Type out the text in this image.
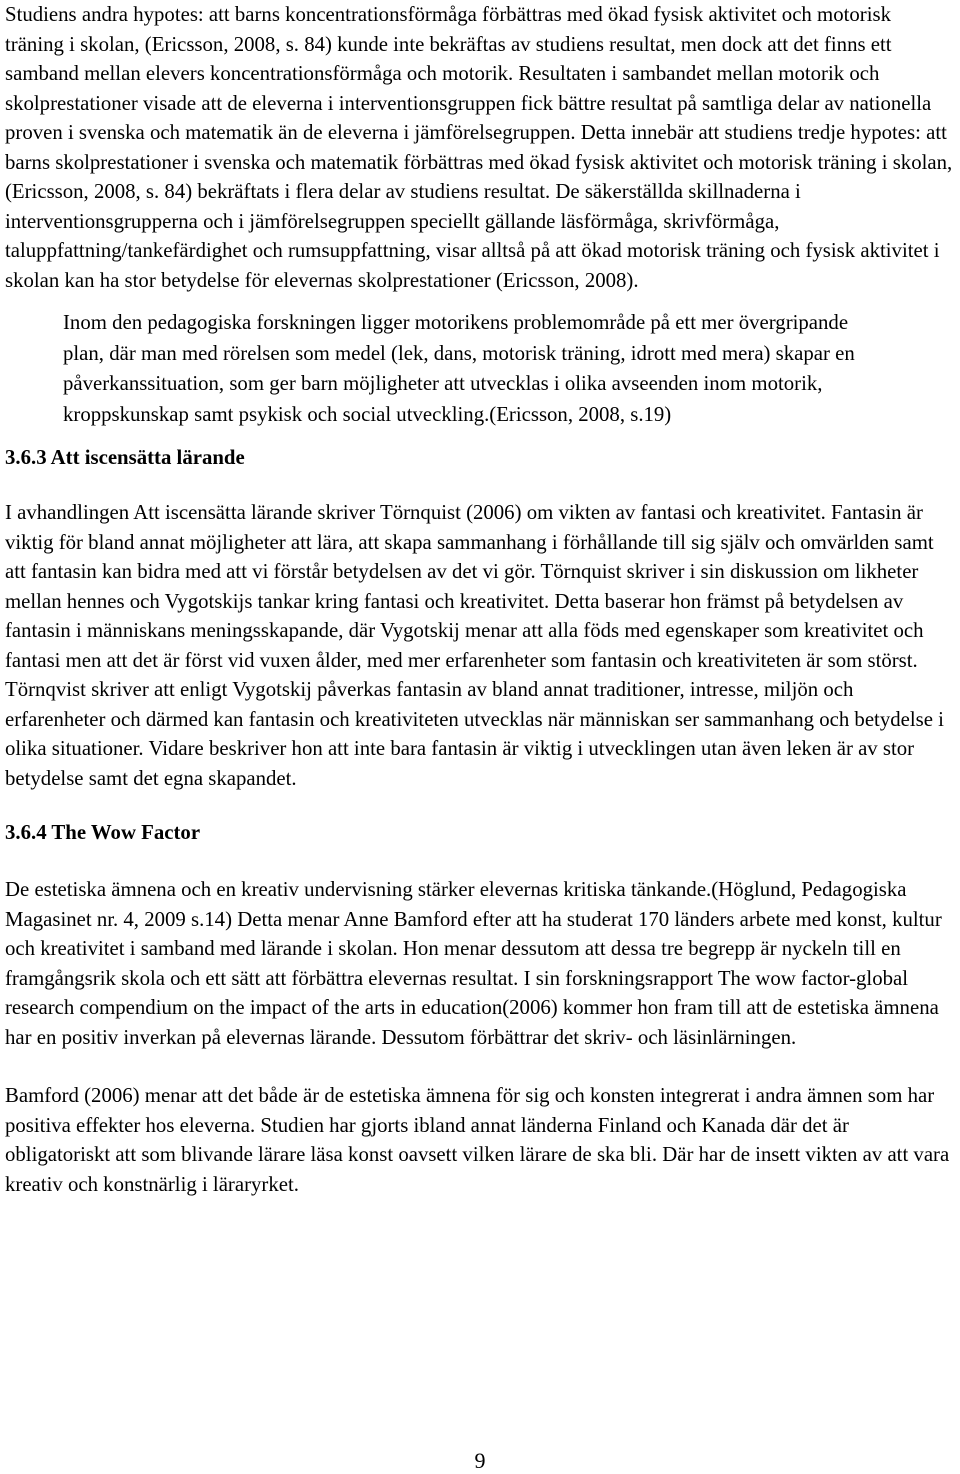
Studiens andra hypotes: att barns koncentrationsförmåga förbättras med ökad fysisk aktivitet och motorisk träning i skolan, (Ericsson, 2008, s. 84) kunde inte bekräftas av studiens resultat, men dock att det finns ett samband mellan elevers koncentrationsförmåga och motorik. Resultaten i sambandet mellan motorik och skolprestationer visade att de eleverna i interventionsgruppen fick bättre resultat på samtliga delar av nationella proven i svenska och matematik än de eleverna i jämförelsegruppen. Detta innebär att studiens tredje hypotes: att barns skolprestationer i svenska och matematik förbättras med ökad fysisk aktivitet och motorisk träning i skolan, (Ericsson, 2008, s. 84) bekräftats i flera delar av studiens resultat. De säkerställda skillnaderna i interventionsgrupperna och i jämförelsegruppen speciellt gällande läsförmåga, skrivförmåga, taluppfattning/tankefärdighet och rumsuppfattning, visar alltså på att ökad motorisk träning och fysisk aktivitet i skolan kan ha stor betydelse för elevernas skolprestationer (Ericsson, 2008).

Inom den pedagogiska forskningen ligger motorikens problemområde på ett mer övergripande plan, där man med rörelsen som medel (lek, dans, motorisk träning, idrott med mera) skapar en påverkanssituation, som ger barn möjligheter att utvecklas i olika avseenden inom motorik, kroppskunskap samt psykisk och social utveckling.(Ericsson, 2008, s.19)

3.6.3 Att iscensätta lärande

I avhandlingen Att iscensätta lärande skriver Törnquist (2006) om vikten av fantasi och kreativitet. Fantasin är viktig för bland annat möjligheter att lära, att skapa sammanhang i förhållande till sig själv och omvärlden samt att fantasin kan bidra med att vi förstår betydelsen av det vi gör. Törnquist skriver i sin diskussion om likheter mellan hennes och Vygotskijs tankar kring fantasi och kreativitet. Detta baserar hon främst på betydelsen av fantasin i människans meningsskapande, där Vygotskij menar att alla föds med egenskaper som kreativitet och fantasi men att det är först vid vuxen ålder, med mer erfarenheter som fantasin och kreativiteten är som störst. Törnqvist skriver att enligt Vygotskij påverkas fantasin av bland annat traditioner, intresse, miljön och erfarenheter och därmed kan fantasin och kreativiteten utvecklas när människan ser sammanhang och betydelse i olika situationer. Vidare beskriver hon att inte bara fantasin är viktig i utvecklingen utan även leken är av stor betydelse samt det egna skapandet.

3.6.4 The Wow Factor

De estetiska ämnena och en kreativ undervisning stärker elevernas kritiska tänkande.(Höglund, Pedagogiska Magasinet nr. 4, 2009 s.14) Detta menar Anne Bamford efter att ha studerat 170 länders arbete med konst, kultur och kreativitet i samband med lärande i skolan. Hon menar dessutom att dessa tre begrepp är nyckeln till en framgångsrik skola och ett sätt att förbättra elevernas resultat. I sin forskningsrapport The wow factor-global research compendium on the impact of the arts in education(2006) kommer hon fram till att de estetiska ämnena har en positiv inverkan på elevernas lärande. Dessutom förbättrar det skriv- och läsinlärningen.

Bamford (2006) menar att det både är de estetiska ämnena för sig och konsten integrerat i andra ämnen som har positiva effekter hos eleverna. Studien har gjorts ibland annat länderna Finland och Kanada där det är obligatoriskt att som blivande lärare läsa konst oavsett vilken lärare de ska bli. Där har de insett vikten av att vara kreativ och konstnärlig i läraryrket.

9
